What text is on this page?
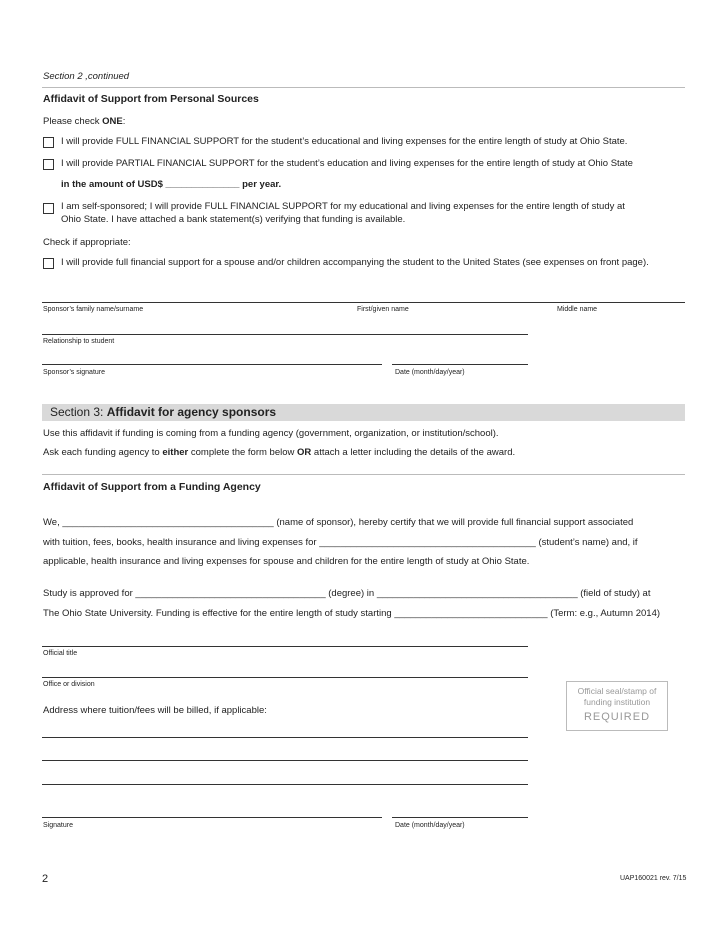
Section 2 ,continued
Affidavit of Support from Personal Sources
Please check ONE:
I will provide FULL FINANCIAL SUPPORT for the student’s educational and living expenses for the entire length of study at Ohio State.
I will provide PARTIAL FINANCIAL SUPPORT for the student’s education and living expenses for the entire length of study at Ohio State
in the amount of USD$ ______________ per year.
I am self-sponsored; I will provide FULL FINANCIAL SUPPORT for my educational and living expenses for the entire length of study at
Ohio State. I have attached a bank statement(s) verifying that funding is available.
Check if appropriate:
I will provide full financial support for a spouse and/or children accompanying the student to the United States (see expenses on front page).
Sponsor’s family name/surname	First/given name	Middle name
Relationship to student
Sponsor’s signature	Date (month/day/year)
Section 3: Affidavit for agency sponsors
Use this affidavit if funding is coming from a funding agency (government, organization, or institution/school).
Ask each funding agency to either complete the form below OR attach a letter including the details of the award.
Affidavit of Support from a Funding Agency
We, ________________________________________ (name of sponsor), hereby certify that we will provide full financial support associated
with tuition, fees, books, health insurance and living expenses for _________________________________________ (student’s name) and, if
applicable, health insurance and living expenses for spouse and children for the entire length of study at Ohio State.
Study is approved for ____________________________________ (degree) in ______________________________________ (field of study) at
The Ohio State University. Funding is effective for the entire length of study starting _____________________________ (Term: e.g., Autumn 2014)
Official title
Office or division
Address where tuition/fees will be billed, if applicable:
Official seal/stamp of
funding institution
REQUIRED
Signature	Date (month/day/year)
2	UAP160021 rev. 7/15
